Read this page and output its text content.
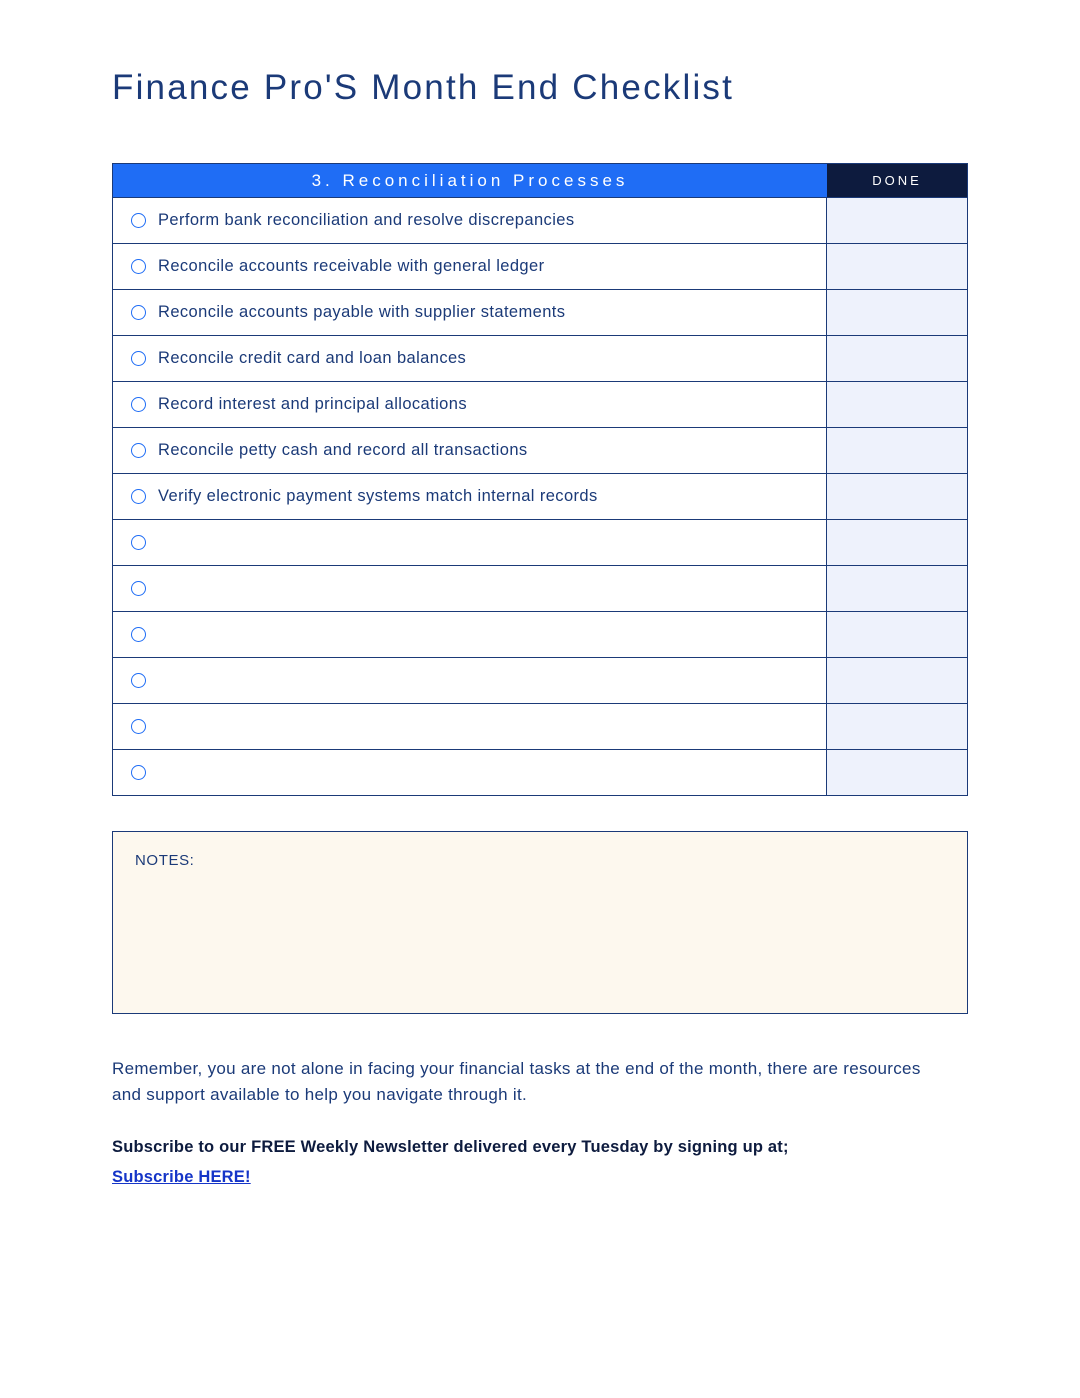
Finance Pro'S Month End Checklist
3. Reconciliation Processes	DONE
Perform bank reconciliation and resolve discrepancies
Reconcile accounts receivable with general ledger
Reconcile accounts payable with supplier statements
Reconcile credit card and loan balances
Record interest and principal allocations
Reconcile petty cash and record all transactions
Verify electronic payment systems match internal records
NOTES:
Remember, you are not alone in facing your financial tasks at the end of the month, there are resources and support available to help you navigate through it.
Subscribe to our FREE Weekly Newsletter delivered every Tuesday by signing up at;
Subscribe HERE!
